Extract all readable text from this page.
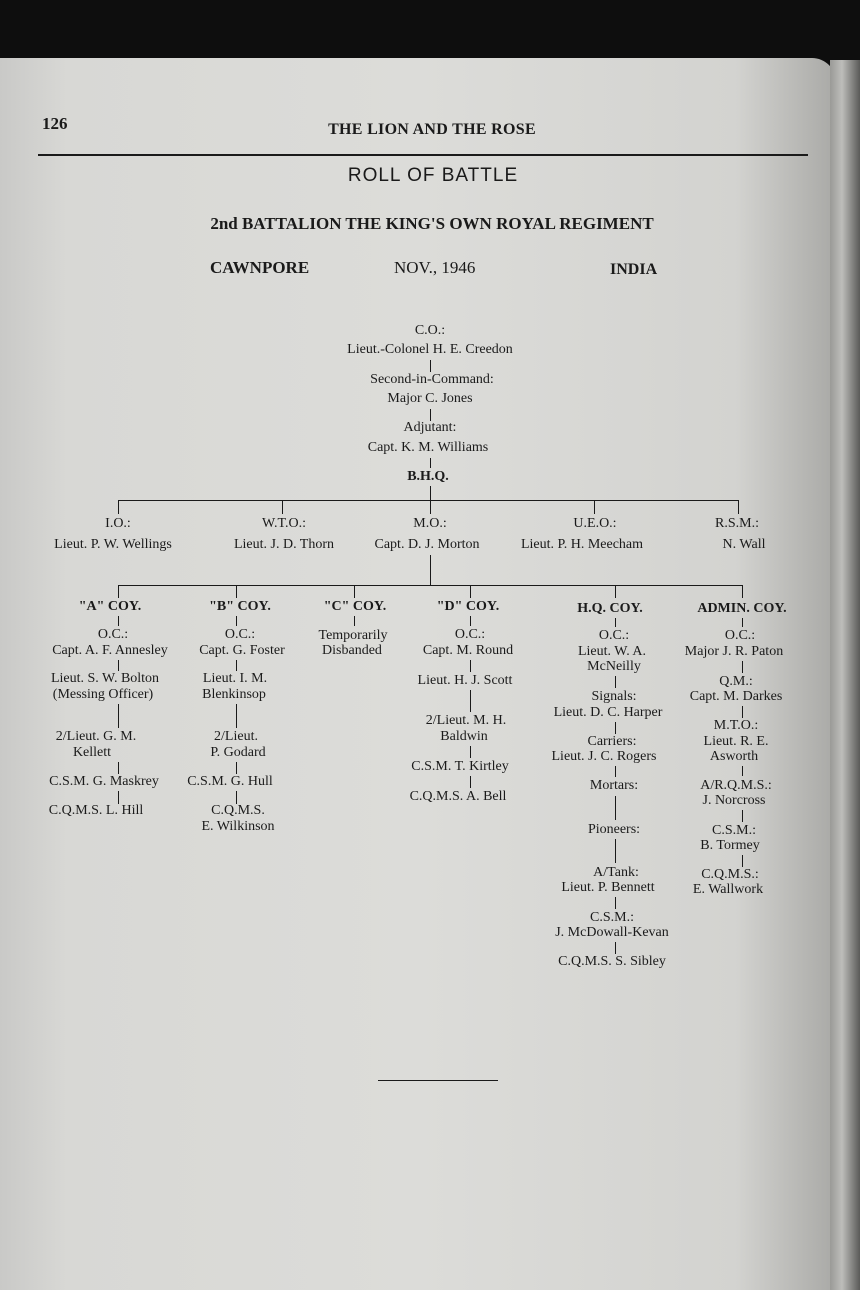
126	THE LION AND THE ROSE
ROLL OF BATTLE
2nd BATTALION THE KING'S OWN ROYAL REGIMENT
CAWNPORE	NOV., 1946	INDIA
C.O.:
Lieut.-Colonel H. E. Creedon
Second-in-Command:
Major C. Jones
Adjutant:
Capt. K. M. Williams
B.H.Q.
I.O.:
Lieut. P. W. Wellings
W.T.O.:
Lieut. J. D. Thorn
M.O.:
Capt. D. J. Morton
U.E.O.:
Lieut. P. H. Meecham
R.S.M.:
N. Wall
"A" COY.
O.C.:
Capt. A. F. Annesley
Lieut. S. W. Bolton
(Messing Officer)
2/Lieut. G. M.
Kellett
C.S.M. G. Maskrey
C.Q.M.S. L. Hill
"B" COY.
O.C.:
Capt. G. Foster
Lieut. I. M.
Blenkinsop
2/Lieut.
P. Godard
C.S.M. G. Hull
C.Q.M.S.
E. Wilkinson
"C" COY.
Temporarily
Disbanded
"D" COY.
O.C.:
Capt. M. Round
Lieut. H. J. Scott
2/Lieut. M. H.
Baldwin
C.S.M. T. Kirtley
C.Q.M.S. A. Bell
H.Q. COY.
O.C.:
Lieut. W. A.
McNeilly
Signals:
Lieut. D. C. Harper
Carriers:
Lieut. J. C. Rogers
Mortars:
Pioneers:
A/Tank:
Lieut. P. Bennett
C.S.M.:
J. McDowall-Kevan
C.Q.M.S. S. Sibley
ADMIN. COY.
O.C.:
Major J. R. Paton
Q.M.:
Capt. M. Darkes
M.T.O.:
Lieut. R. E.
Asworth
A/R.Q.M.S.:
J. Norcross
C.S.M.:
B. Tormey
C.Q.M.S.:
E. Wallwork
